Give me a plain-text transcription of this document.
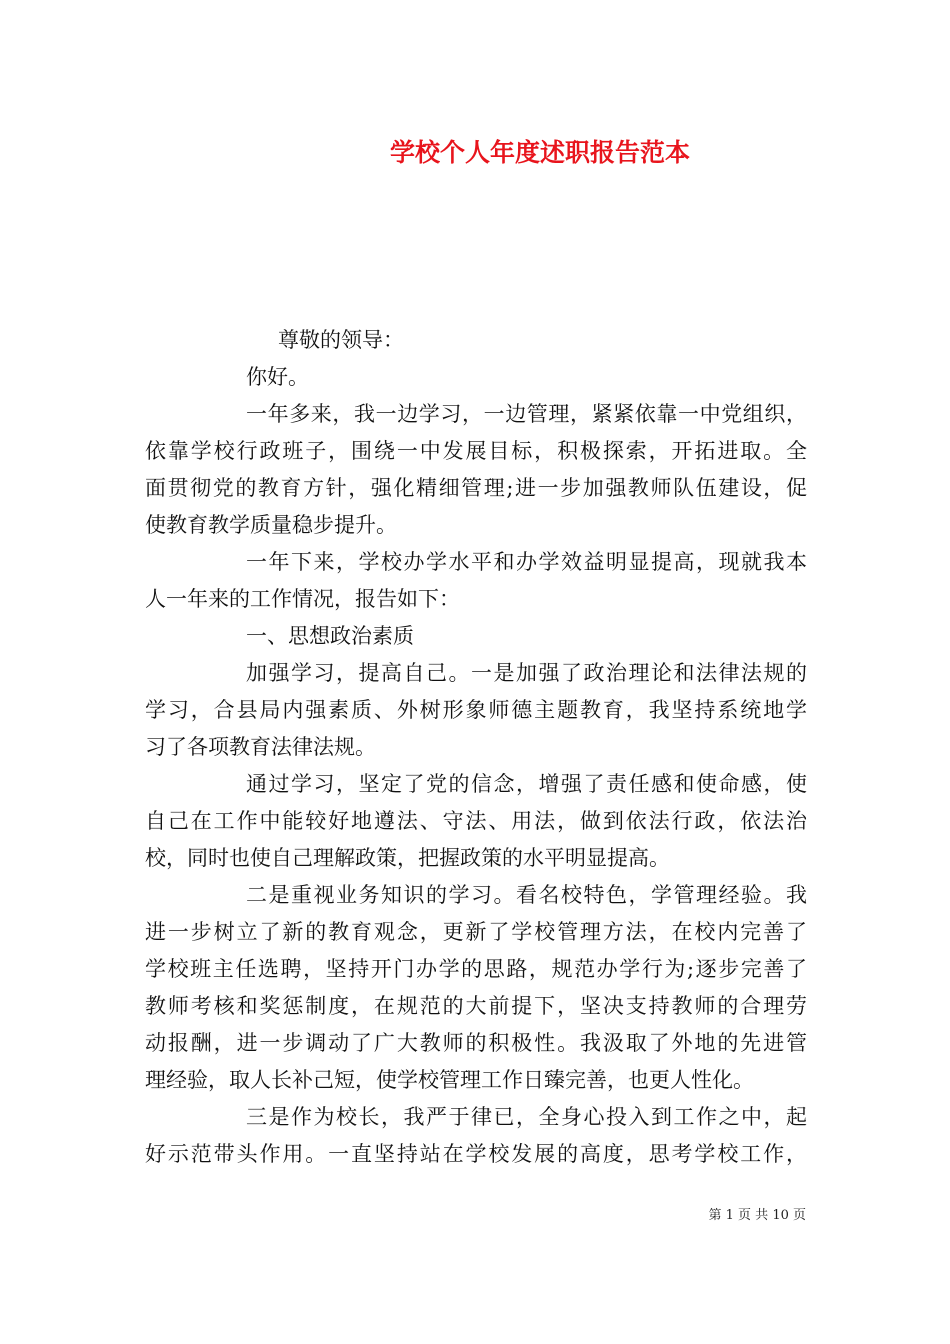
学校个人年度述职报告范本
尊敬的领导：
你好。
一年多来，我一边学习，一边管理，紧紧依靠一中党组织，
依靠学校行政班子，围绕一中发展目标，积极探索，开拓进取。全
面贯彻党的教育方针，强化精细管理;进一步加强教师队伍建设，促
使教育教学质量稳步提升。
一年下来，学校办学水平和办学效益明显提高，现就我本
人一年来的工作情况，报告如下：
一、思想政治素质
加强学习，提高自己。一是加强了政治理论和法律法规的
学习，合县局内强素质、外树形象师德主题教育，我坚持系统地学
习了各项教育法律法规。
通过学习，坚定了党的信念，增强了责任感和使命感，使
自己在工作中能较好地遵法、守法、用法，做到依法行政，依法治
校，同时也使自己理解政策，把握政策的水平明显提高。
二是重视业务知识的学习。看名校特色，学管理经验。我
进一步树立了新的教育观念，更新了学校管理方法，在校内完善了
学校班主任选聘，坚持开门办学的思路，规范办学行为;逐步完善了
教师考核和奖惩制度，在规范的大前提下，坚决支持教师的合理劳
动报酬，进一步调动了广大教师的积极性。我汲取了外地的先进管
理经验，取人长补己短，使学校管理工作日臻完善，也更人性化。
三是作为校长，我严于律已，全身心投入到工作之中，起
好示范带头作用。一直坚持站在学校发展的高度，思考学校工作，
第 1 页 共 10 页
